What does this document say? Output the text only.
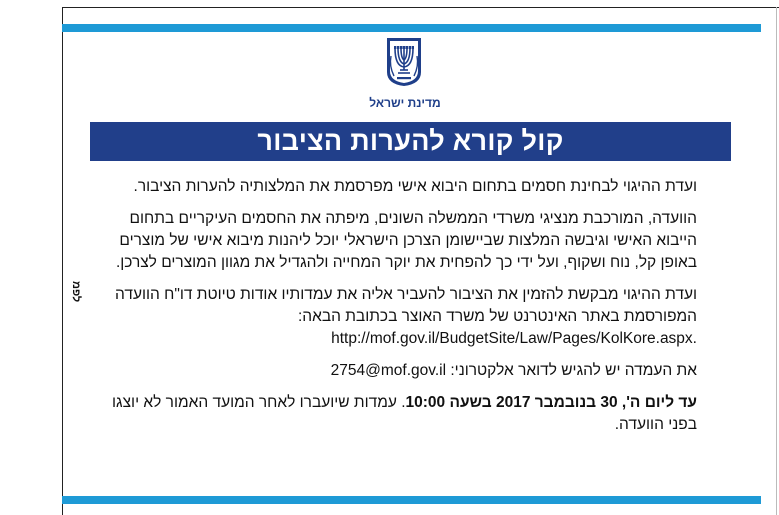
מדינת ישראל
קול קורא להערות הציבור
לפמ

ועדת ההיגוי לבחינת חסמים בתחום היבוא אישי מפרסמת את המלצותיה להערות הציבור.

הוועדה, המורכבת מנציגי משרדי הממשלה השונים, מיפתה את החסמים העיקריים בתחום הייבוא האישי וגיבשה המלצות שביישומן הצרכן הישראלי יוכל ליהנות מיבוא אישי של מוצרים באופן קל, נוח ושקוף, ועל ידי כך להפחית את יוקר המחייה ולהגדיל את מגוון המוצרים לצרכן.

ועדת ההיגוי מבקשת להזמין את הציבור להעביר אליה את עמדותיו אודות טיוטת דו"ח הוועדה המפורסמת באתר האינטרנט של משרד האוצר בכתובת הבאה:
http://mof.gov.il/BudgetSite/Law/Pages/KolKore.aspx.

את העמדה יש להגיש לדואר אלקטרוני: 2754@mof.gov.il

עד ליום ה', 30 בנובמבר 2017 בשעה 10:00. עמדות שיועברו לאחר המועד האמור לא יוצגו בפני הוועדה.
